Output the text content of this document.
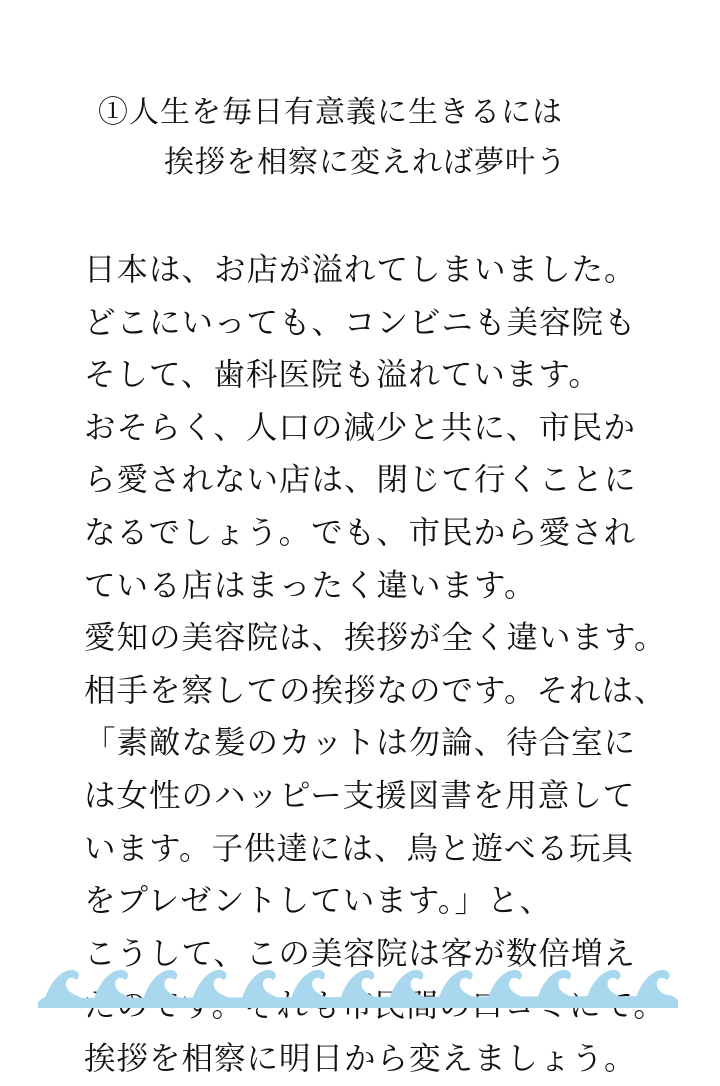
①人生を毎日有意義に生きるには
挨拶を相察に変えれば夢叶う
日本は、お店が溢れてしまいました。
どこにいっても、コンビニも美容院も
そして、歯科医院も溢れています。
おそらく、人口の減少と共に、市民か
ら愛されない店は、閉じて行くことに
なるでしょう。でも、市民から愛され
ている店はまったく違います。
愛知の美容院は、挨拶が全く違います。
相手を察しての挨拶なのです。それは、
「素敵な髪のカットは勿論、待合室に
は女性のハッピー支援図書を用意して
います。子供達には、鳥と遊べる玩具
をプレゼントしています。」と、
こうして、この美容院は客が数倍増え
挨拶を相察に明日から変えましょう。
